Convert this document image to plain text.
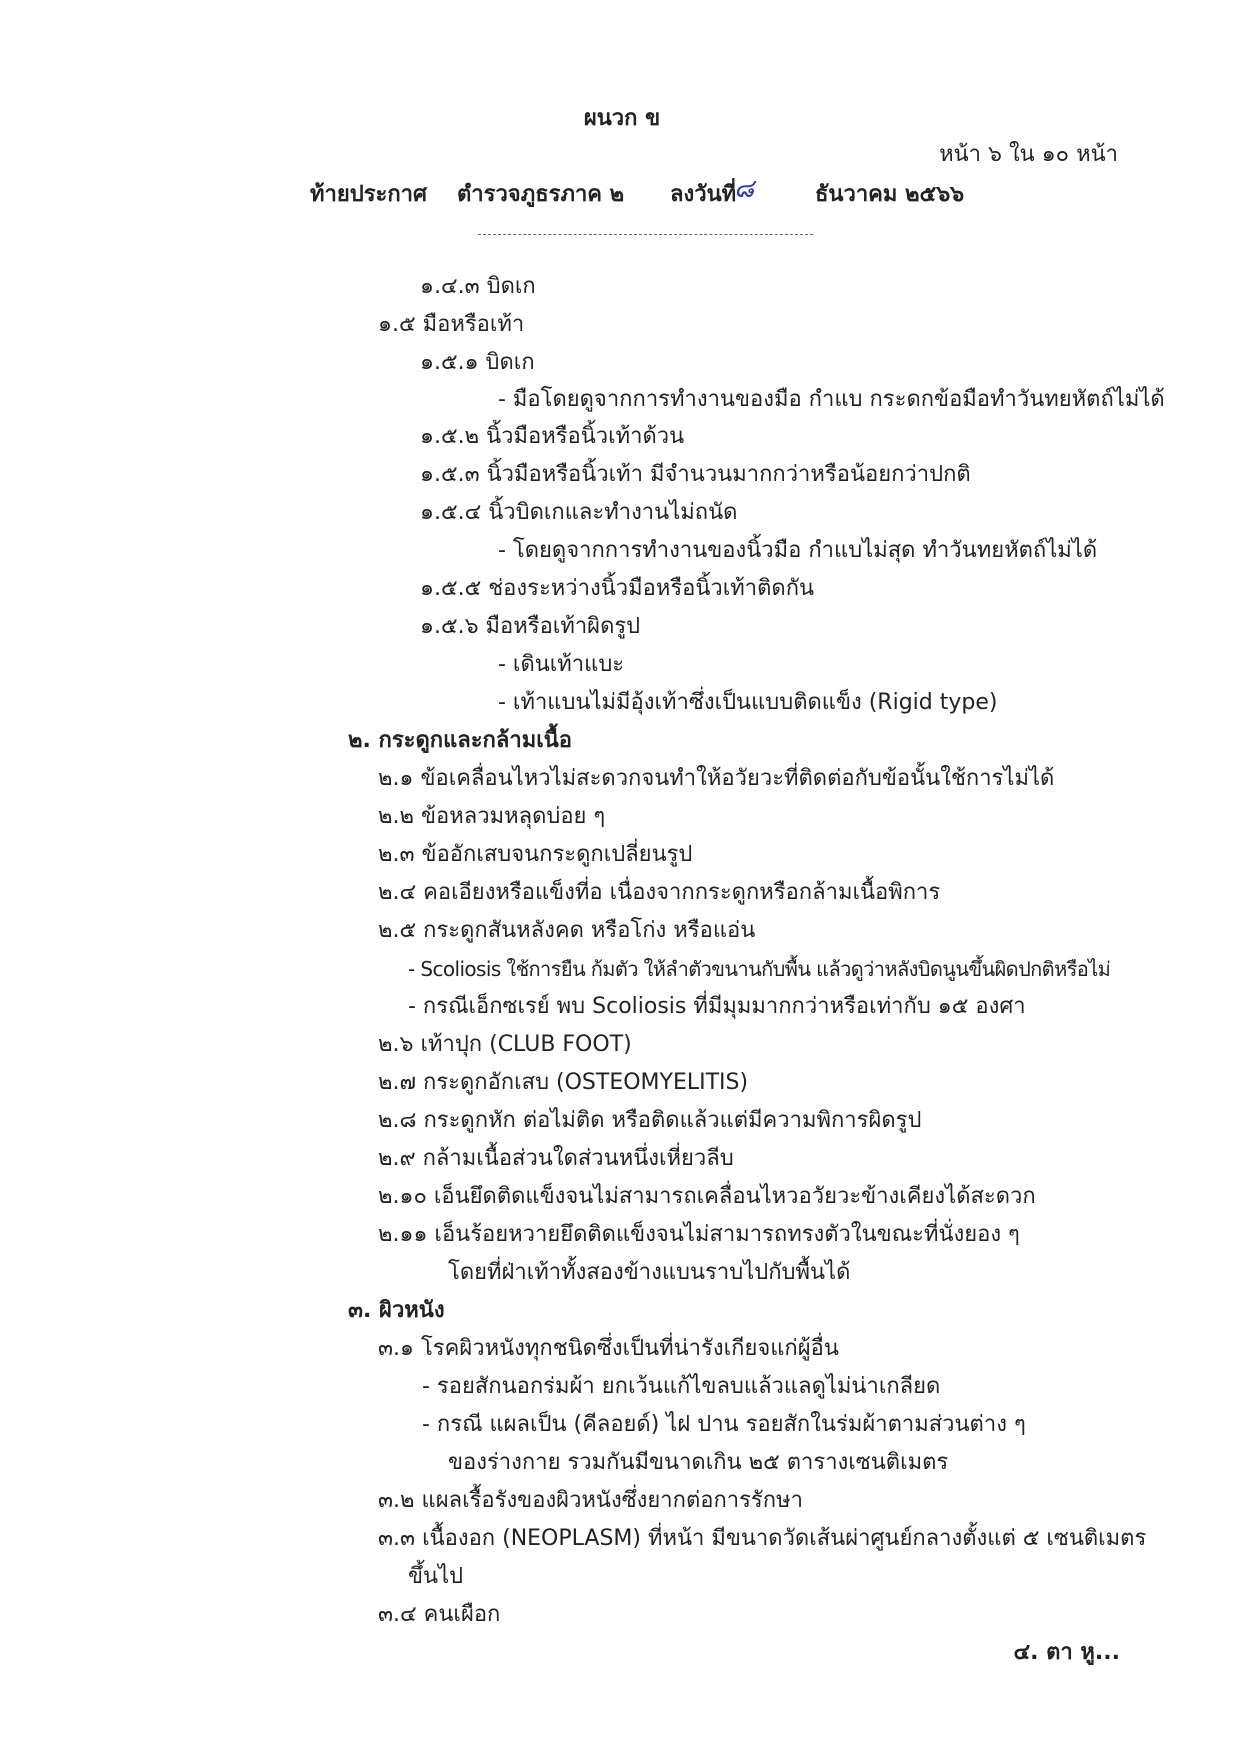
ผนวก ข
หน้า ๖ ใน ๑๐ หน้า
ท้ายประกาศ ตำรวจภูธรภาค ๒ ลงวันที่
๘	ธันวาคม ๒๕๖๖
๑.๔.๓ บิดเก
๑.๕ มือหรือเท้า
๑.๕.๑ บิดเก
- มือโดยดูจากการทำงานของมือ กำแบ กระดกข้อมือทำวันทยหัตถ์ไม่ได้
๑.๕.๒ นิ้วมือหรือนิ้วเท้าด้วน
๑.๕.๓ นิ้วมือหรือนิ้วเท้า มีจำนวนมากกว่าหรือน้อยกว่าปกติ
๑.๕.๔ นิ้วบิดเกและทำงานไม่ถนัด
- โดยดูจากการทำงานของนิ้วมือ กำแบไม่สุด ทำวันทยหัตถ์ไม่ได้
๑.๕.๕ ช่องระหว่างนิ้วมือหรือนิ้วเท้าติดกัน
๑.๕.๖ มือหรือเท้าผิดรูป
- เดินเท้าแบะ
- เท้าแบนไม่มีอุ้งเท้าซึ่งเป็นแบบติดแข็ง (Rigid type)
๒. กระดูกและกล้ามเนื้อ
๒.๑ ข้อเคลื่อนไหวไม่สะดวกจนทำให้อวัยวะที่ติดต่อกับข้อนั้นใช้การไม่ได้
๒.๒ ข้อหลวมหลุดบ่อย ๆ
๒.๓ ข้ออักเสบจนกระดูกเปลี่ยนรูป
๒.๔ คอเอียงหรือแข็งที่อ เนื่องจากกระดูกหรือกล้ามเนื้อพิการ
๒.๕ กระดูกสันหลังคด หรือโก่ง หรือแอ่น
- Scoliosis ใช้การยืน ก้มตัว ให้ลำตัวขนานกับพื้น แล้วดูว่าหลังบิดนูนขึ้นผิดปกติหรือไม่
- กรณีเอ็กซเรย์ พบ Scoliosis ที่มีมุมมากกว่าหรือเท่ากับ ๑๕ องศา
๒.๖ เท้าปุก (CLUB FOOT)
๒.๗ กระดูกอักเสบ (OSTEOMYELITIS)
๒.๘ กระดูกหัก ต่อไม่ติด หรือติดแล้วแต่มีความพิการผิดรูป
๒.๙ กล้ามเนื้อส่วนใดส่วนหนึ่งเหี่ยวลีบ
๒.๑๐ เอ็นยึดติดแข็งจนไม่สามารถเคลื่อนไหวอวัยวะข้างเคียงได้สะดวก
๒.๑๑ เอ็นร้อยหวายยึดติดแข็งจนไม่สามารถทรงตัวในขณะที่นั่งยอง ๆ
โดยที่ฝ่าเท้าทั้งสองข้างแบนราบไปกับพื้นได้
๓. ผิวหนัง
๓.๑ โรคผิวหนังทุกชนิดซึ่งเป็นที่น่ารังเกียจแก่ผู้อื่น
- รอยสักนอกร่มผ้า ยกเว้นแก้ไขลบแล้วแลดูไม่น่าเกลียด
- กรณี แผลเป็น (คีลอยด์) ไฝ ปาน รอยสักในร่มผ้าตามส่วนต่าง ๆ
ของร่างกาย รวมกันมีขนาดเกิน ๒๕ ตารางเซนติเมตร
๓.๒ แผลเรื้อรังของผิวหนังซึ่งยากต่อการรักษา
๓.๓ เนื้องอก (NEOPLASM) ที่หน้า มีขนาดวัดเส้นผ่าศูนย์กลางตั้งแต่ ๕ เซนติเมตร
ขึ้นไป
๓.๔ คนเผือก
๔. ตา หู...
